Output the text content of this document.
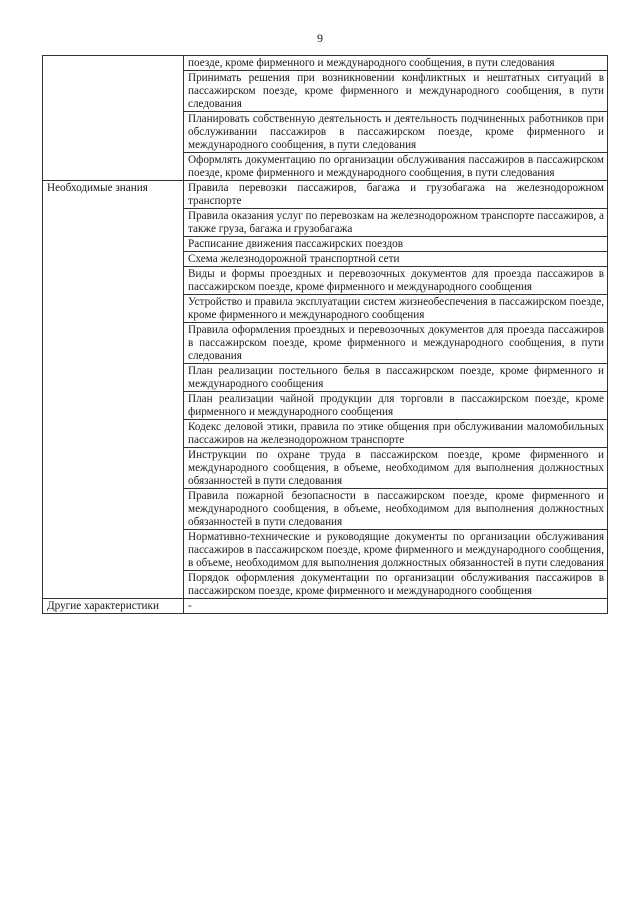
9
	поезде, кроме фирменного и международного сообщения, в пути следования
	Принимать решения при возникновении конфликтных и нештатных ситуаций в пассажирском поезде, кроме фирменного и международного сообщения, в пути следования
	Планировать собственную деятельность и деятельность подчиненных работников при обслуживании пассажиров в пассажирском поезде, кроме фирменного и международного сообщения, в пути следования
	Оформлять документацию по организации обслуживания пассажиров в пассажирском поезде, кроме фирменного и международного сообщения, в пути следования
Необходимые знания	Правила перевозки пассажиров, багажа и грузобагажа на железнодорожном транспорте
	Правила оказания услуг по перевозкам на железнодорожном транспорте пассажиров, а также груза, багажа и грузобагажа
	Расписание движения пассажирских поездов
	Схема железнодорожной транспортной сети
	Виды и формы проездных и перевозочных документов для проезда пассажиров в пассажирском поезде, кроме фирменного и международного сообщения
	Устройство и правила эксплуатации систем жизнеобеспечения в пассажирском поезде, кроме фирменного и международного сообщения
	Правила оформления проездных и перевозочных документов для проезда пассажиров в пассажирском поезде, кроме фирменного и международного сообщения, в пути следования
	План реализации постельного белья в пассажирском поезде, кроме фирменного и международного сообщения
	План реализации чайной продукции для торговли в пассажирском поезде, кроме фирменного и международного сообщения
	Кодекс деловой этики, правила по этике общения при обслуживании маломобильных пассажиров на железнодорожном транспорте
	Инструкции по охране труда в пассажирском поезде, кроме фирменного и международного сообщения, в объеме, необходимом для выполнения должностных обязанностей в пути следования
	Правила пожарной безопасности в пассажирском поезде, кроме фирменного и международного сообщения, в объеме, необходимом для выполнения должностных обязанностей в пути следования
	Нормативно-технические и руководящие документы по организации обслуживания пассажиров в пассажирском поезде, кроме фирменного и международного сообщения, в объеме, необходимом для выполнения должностных обязанностей в пути следования
	Порядок оформления документации по организации обслуживания пассажиров в пассажирском поезде, кроме фирменного и международного сообщения
Другие характеристики	-
